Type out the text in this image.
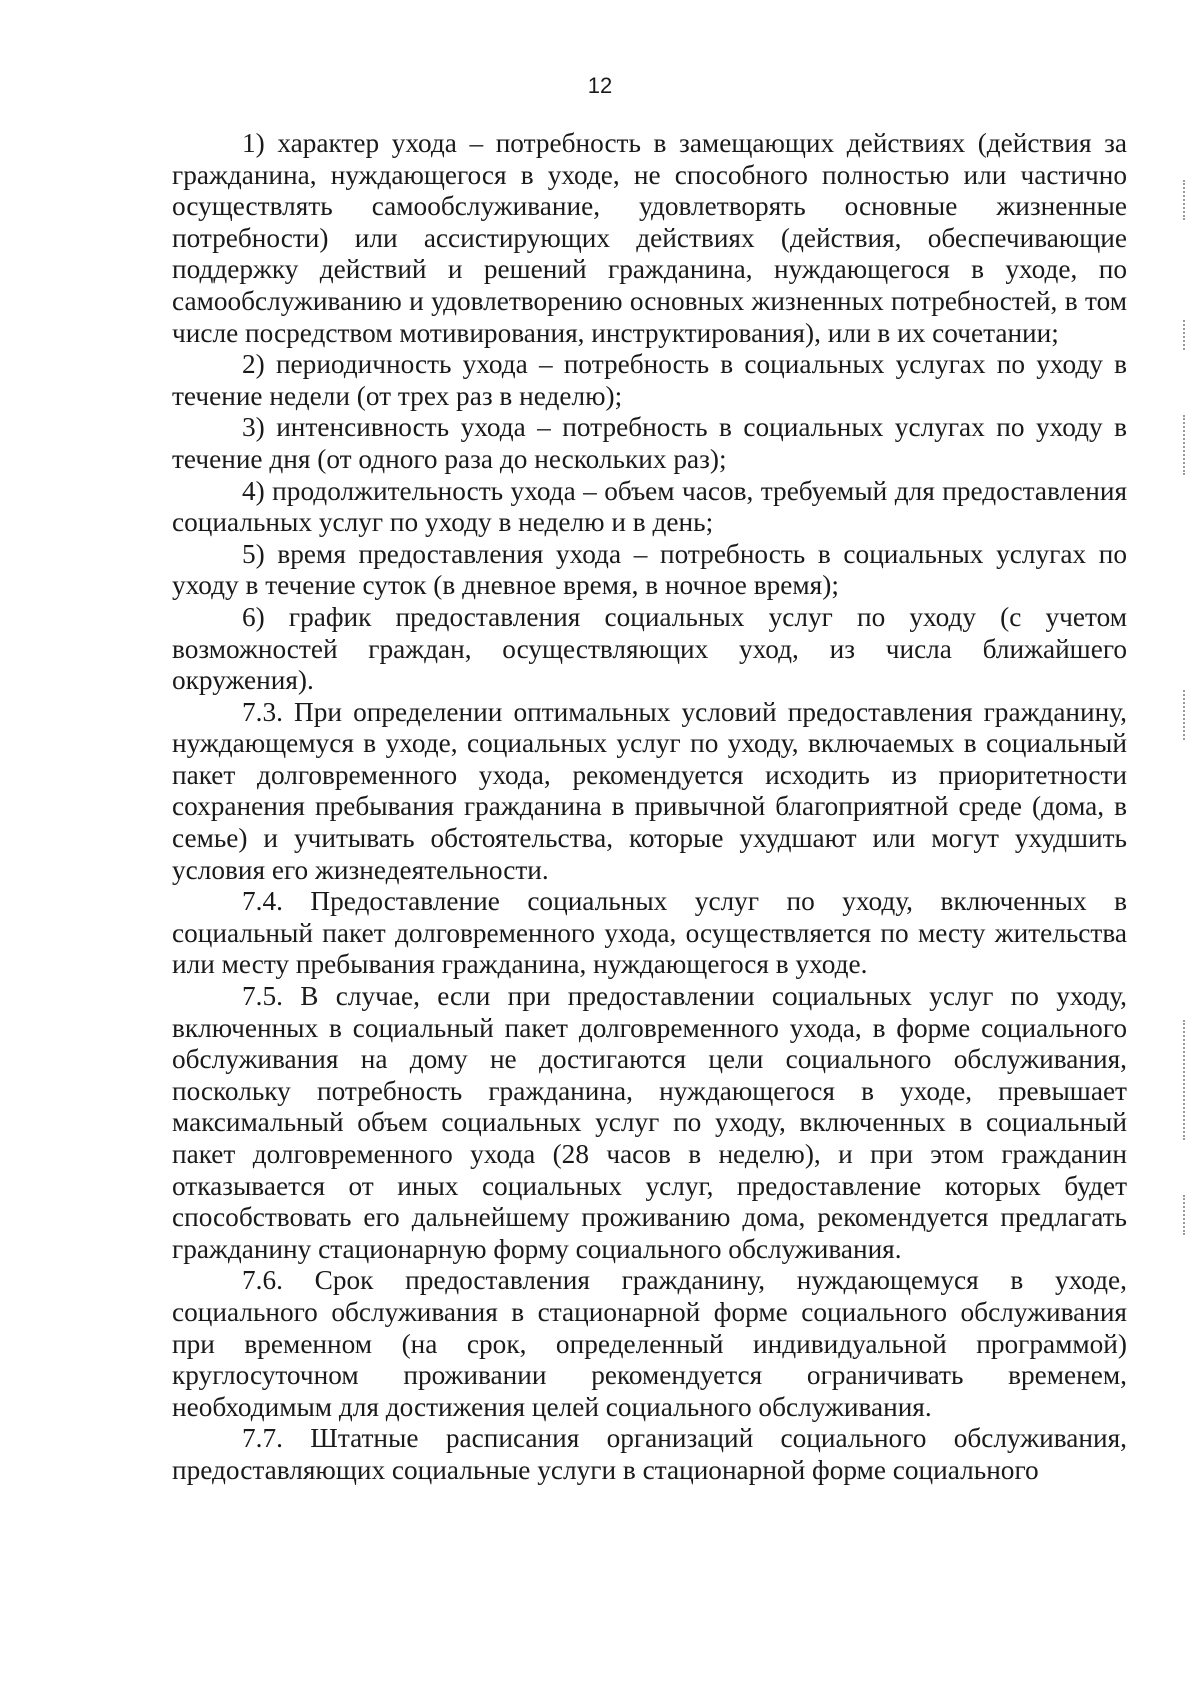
12

1) характер ухода – потребность в замещающих действиях (действия за гражданина, нуждающегося в уходе, не способного полностью или частично осуществлять самообслуживание, удовлетворять основные жизненные потребности) или ассистирующих действиях (действия, обеспечивающие поддержку действий и решений гражданина, нуждающегося в уходе, по самообслуживанию и удовлетворению основных жизненных потребностей, в том числе посредством мотивирования, инструктирования), или в их сочетании;

2) периодичность ухода – потребность в социальных услугах по уходу в течение недели (от трех раз в неделю);

3) интенсивность ухода – потребность в социальных услугах по уходу в течение дня (от одного раза до нескольких раз);

4) продолжительность ухода – объем часов, требуемый для предоставления социальных услуг по уходу в неделю и в день;

5) время предоставления ухода – потребность в социальных услугах по уходу в течение суток (в дневное время, в ночное время);

6) график предоставления социальных услуг по уходу (с учетом возможностей граждан, осуществляющих уход, из числа ближайшего окружения).

7.3. При определении оптимальных условий предоставления гражданину, нуждающемуся в уходе, социальных услуг по уходу, включаемых в социальный пакет долговременного ухода, рекомендуется исходить из приоритетности сохранения пребывания гражданина в привычной благоприятной среде (дома, в семье) и учитывать обстоятельства, которые ухудшают или могут ухудшить условия его жизнедеятельности.

7.4. Предоставление социальных услуг по уходу, включенных в социальный пакет долговременного ухода, осуществляется по месту жительства или месту пребывания гражданина, нуждающегося в уходе.

7.5. В случае, если при предоставлении социальных услуг по уходу, включенных в социальный пакет долговременного ухода, в форме социального обслуживания на дому не достигаются цели социального обслуживания, поскольку потребность гражданина, нуждающегося в уходе, превышает максимальный объем социальных услуг по уходу, включенных в социальный пакет долговременного ухода (28 часов в неделю), и при этом гражданин отказывается от иных социальных услуг, предоставление которых будет способствовать его дальнейшему проживанию дома, рекомендуется предлагать гражданину стационарную форму социального обслуживания.

7.6. Срок предоставления гражданину, нуждающемуся в уходе, социального обслуживания в стационарной форме социального обслуживания при временном (на срок, определенный индивидуальной программой) круглосуточном проживании рекомендуется ограничивать временем, необходимым для достижения целей социального обслуживания.

7.7. Штатные расписания организаций социального обслуживания, предоставляющих социальные услуги в стационарной форме социального
